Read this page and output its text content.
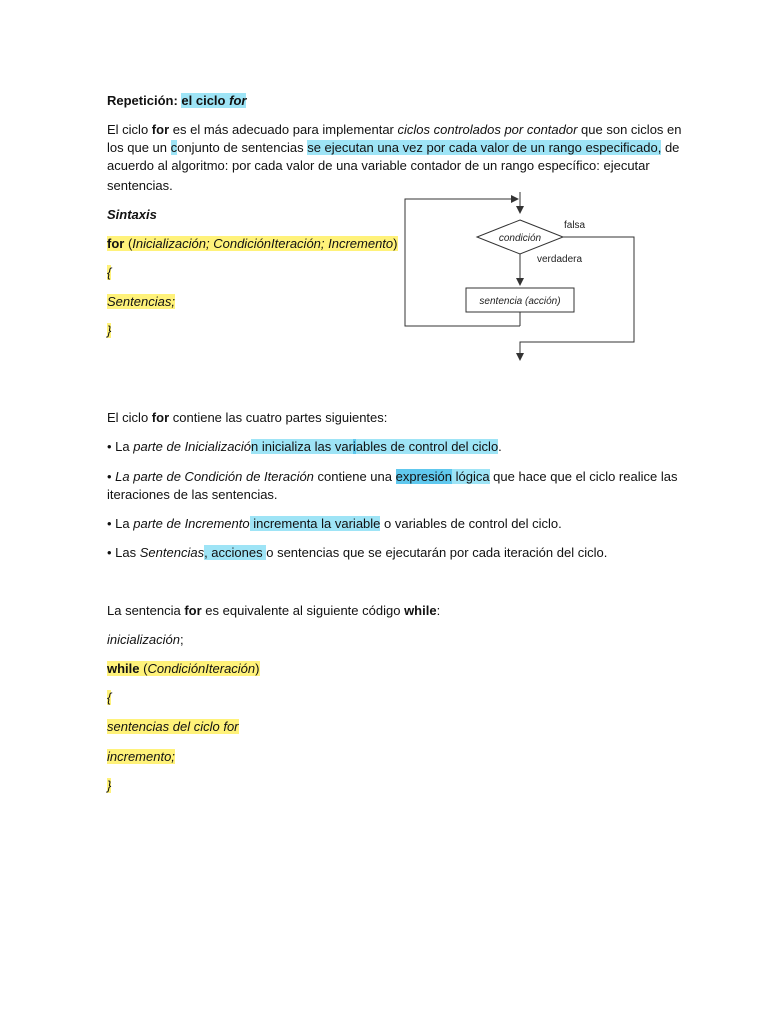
Repetición: el ciclo for
El ciclo for es el más adecuado para implementar ciclos controlados por contador que son ciclos en
los que un conjunto de sentencias se ejecutan una vez por cada valor de un rango especificado, de
acuerdo al algoritmo: por cada valor de una variable contador de un rango específico: ejecutar
sentencias.
Sintaxis
for (Inicialización; CondiciónIteración; Incremento)
{
Sentencias;
}
condición
falsa
verdadera
sentencia (acción)
El ciclo for contiene las cuatro partes siguientes:
• La parte de Inicialización inicializa las variables de control del ciclo.
• La parte de Condición de Iteración contiene una expresión lógica que hace que el ciclo realice las
iteraciones de las sentencias.
• La parte de Incremento incrementa la variable o variables de control del ciclo.
• Las Sentencias, acciones o sentencias que se ejecutarán por cada iteración del ciclo.
La sentencia for es equivalente al siguiente código while:
inicialización;
while (CondiciónIteración)
{
sentencias del ciclo for
incremento;
}
